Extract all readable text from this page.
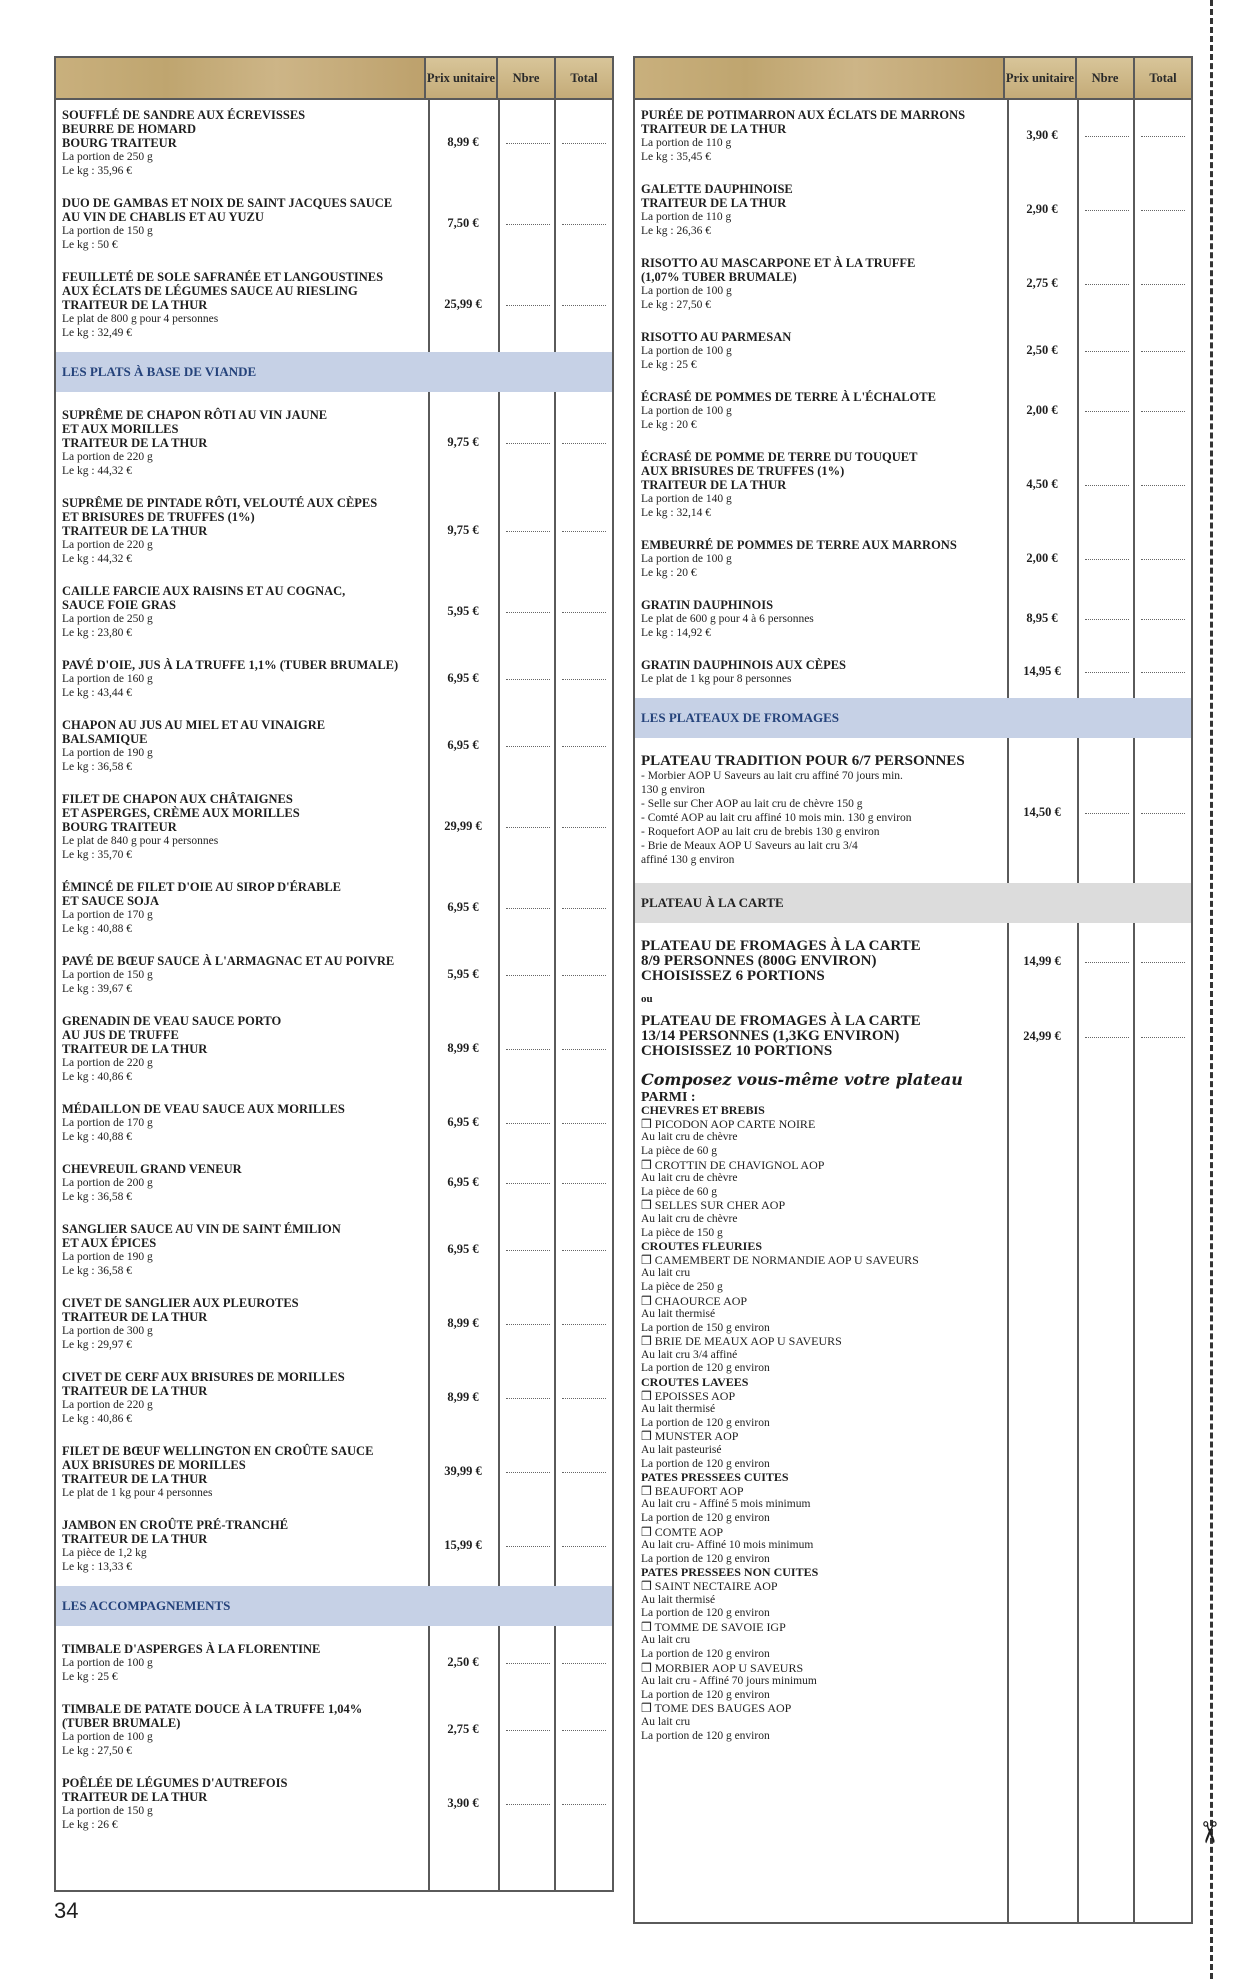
✂
Prix unitaire	Nbre	Total
SOUFFLÉ DE SANDRE AUX ÉCREVISSES
BEURRE DE HOMARD
BOURG TRAITEUR
La portion de 250 g
Le kg : 35,96 €
8,99 €
DUO DE GAMBAS ET NOIX DE SAINT JACQUES SAUCE
AU VIN DE CHABLIS ET AU YUZU
La portion de 150 g
Le kg : 50 €
7,50 €
FEUILLETÉ DE SOLE SAFRANÉE ET LANGOUSTINES
AUX ÉCLATS DE LÉGUMES SAUCE AU RIESLING
TRAITEUR DE LA THUR
Le plat de 800 g pour 4 personnes
Le kg : 32,49 €
25,99 €
LES PLATS À BASE DE VIANDE
SUPRÊME DE CHAPON RÔTI AU VIN JAUNE
ET AUX MORILLES
TRAITEUR DE LA THUR
La portion de 220 g
Le kg : 44,32 €
9,75 €
SUPRÊME DE PINTADE RÔTI, VELOUTÉ AUX CÈPES
ET BRISURES DE TRUFFES (1%)
TRAITEUR DE LA THUR
La portion de 220 g
Le kg : 44,32 €
9,75 €
CAILLE FARCIE AUX RAISINS ET AU COGNAC,
SAUCE FOIE GRAS
La portion de 250 g
Le kg : 23,80 €
5,95 €
PAVÉ D'OIE, JUS À LA TRUFFE 1,1% (TUBER BRUMALE)
La portion de 160 g
Le kg : 43,44 €
6,95 €
CHAPON AU JUS AU MIEL ET AU VINAIGRE
BALSAMIQUE
La portion de 190 g
Le kg : 36,58 €
6,95 €
FILET DE CHAPON AUX CHÂTAIGNES
ET ASPERGES, CRÈME AUX MORILLES
BOURG TRAITEUR
Le plat de 840 g pour 4 personnes
Le kg : 35,70 €
29,99 €
ÉMINCÉ DE FILET D'OIE AU SIROP D'ÉRABLE
ET SAUCE SOJA
La portion de 170 g
Le kg : 40,88 €
6,95 €
PAVÉ DE BŒUF SAUCE À L'ARMAGNAC ET AU POIVRE
La portion de 150 g
Le kg : 39,67 €
5,95 €
GRENADIN DE VEAU SAUCE PORTO
AU JUS DE TRUFFE
TRAITEUR DE LA THUR
La portion de 220 g
Le kg : 40,86 €
8,99 €
MÉDAILLON DE VEAU SAUCE AUX MORILLES
La portion de 170 g
Le kg : 40,88 €
6,95 €
CHEVREUIL GRAND VENEUR
La portion de 200 g
Le kg : 36,58 €
6,95 €
SANGLIER SAUCE AU VIN DE SAINT ÉMILION
ET AUX ÉPICES
La portion de 190 g
Le kg : 36,58 €
6,95 €
CIVET DE SANGLIER AUX PLEUROTES
TRAITEUR DE LA THUR
La portion de 300 g
Le kg : 29,97 €
8,99 €
CIVET DE CERF AUX BRISURES DE MORILLES
TRAITEUR DE LA THUR
La portion de 220 g
Le kg : 40,86 €
8,99 €
FILET DE BŒUF WELLINGTON EN CROÛTE SAUCE
AUX BRISURES DE MORILLES
TRAITEUR DE LA THUR
Le plat de 1 kg pour 4 personnes
39,99 €
JAMBON EN CROÛTE PRÉ-TRANCHÉ
TRAITEUR DE LA THUR
La pièce de 1,2 kg
Le kg : 13,33 €
15,99 €
LES ACCOMPAGNEMENTS
TIMBALE D'ASPERGES À LA FLORENTINE
La portion de 100 g
Le kg : 25 €
2,50 €
TIMBALE DE PATATE DOUCE À LA TRUFFE 1,04%
(TUBER BRUMALE)
La portion de 100 g
Le kg : 27,50 €
2,75 €
POÊLÉE DE LÉGUMES D'AUTREFOIS
TRAITEUR DE LA THUR
La portion de 150 g
Le kg : 26 €
3,90 €
Prix unitaire	Nbre	Total
PURÉE DE POTIMARRON AUX ÉCLATS DE MARRONS
TRAITEUR DE LA THUR
La portion de 110 g
Le kg : 35,45 €
3,90 €
GALETTE DAUPHINOISE
TRAITEUR DE LA THUR
La portion de 110 g
Le kg : 26,36 €
2,90 €
RISOTTO AU MASCARPONE ET À LA TRUFFE
(1,07% TUBER BRUMALE)
La portion de 100 g
Le kg : 27,50 €
2,75 €
RISOTTO AU PARMESAN
La portion de 100 g
Le kg : 25 €
2,50 €
ÉCRASÉ DE POMMES DE TERRE À L'ÉCHALOTE
La portion de 100 g
Le kg : 20 €
2,00 €
ÉCRASÉ DE POMME DE TERRE DU TOUQUET
AUX BRISURES DE TRUFFES (1%)
TRAITEUR DE LA THUR
La portion de 140 g
Le kg : 32,14 €
4,50 €
EMBEURRÉ DE POMMES DE TERRE AUX MARRONS
La portion de 100 g
Le kg : 20 €
2,00 €
GRATIN DAUPHINOIS
Le plat de 600 g pour 4 à 6 personnes
Le kg : 14,92 €
8,95 €
GRATIN DAUPHINOIS AUX CÈPES
Le plat de 1 kg pour 8 personnes
14,95 €
LES PLATEAUX DE FROMAGES
PLATEAU TRADITION POUR 6/7 PERSONNES
- Morbier AOP U Saveurs au lait cru affiné 70 jours min.
130 g environ
- Selle sur Cher AOP au lait cru de chèvre 150 g
- Comté AOP au lait cru affiné 10 mois min. 130 g environ
- Roquefort AOP au lait cru de brebis 130 g environ
- Brie de Meaux AOP U Saveurs au lait cru 3/4
affiné 130 g environ
14,50 €
PLATEAU À LA CARTE
PLATEAU DE FROMAGES À LA CARTE
8/9 PERSONNES (800G ENVIRON)
CHOISISSEZ 6 PORTIONS
14,99 €
ou
PLATEAU DE FROMAGES À LA CARTE
13/14 PERSONNES (1,3KG ENVIRON)
CHOISISSEZ 10 PORTIONS
24,99 €
Composez vous-même votre plateau
PARMI :
CHEVRES ET BREBIS
❒ PICODON AOP CARTE NOIRE
Au lait cru de chèvre
La pièce de 60 g
❒ CROTTIN DE CHAVIGNOL AOP
Au lait cru de chèvre
La pièce de 60 g
❒ SELLES SUR CHER AOP
Au lait cru de chèvre
La pièce de 150 g
CROUTES FLEURIES
❒ CAMEMBERT DE NORMANDIE AOP U SAVEURS
Au lait cru
La pièce de 250 g
❒ CHAOURCE AOP
Au lait thermisé
La portion de 150 g environ
❒ BRIE DE MEAUX AOP U SAVEURS
Au lait cru 3/4 affiné
La portion de 120 g environ
CROUTES LAVEES
❒ EPOISSES AOP
Au lait thermisé
La portion de 120 g environ
❒ MUNSTER AOP
Au lait pasteurisé
La portion de 120 g environ
PATES PRESSEES CUITES
❒ BEAUFORT AOP
Au lait cru - Affiné 5 mois minimum
La portion de 120 g environ
❒ COMTE AOP
Au lait cru- Affiné 10 mois minimum
La portion de 120 g environ
PATES PRESSEES NON CUITES
❒ SAINT NECTAIRE AOP
Au lait thermisé
La portion de 120 g environ
❒ TOMME DE SAVOIE IGP
Au lait cru
La portion de 120 g environ
❒ MORBIER AOP U SAVEURS
Au lait cru - Affiné 70 jours minimum
La portion de 120 g environ
❒ TOME DES BAUGES AOP
Au lait cru
La portion de 120 g environ
34
